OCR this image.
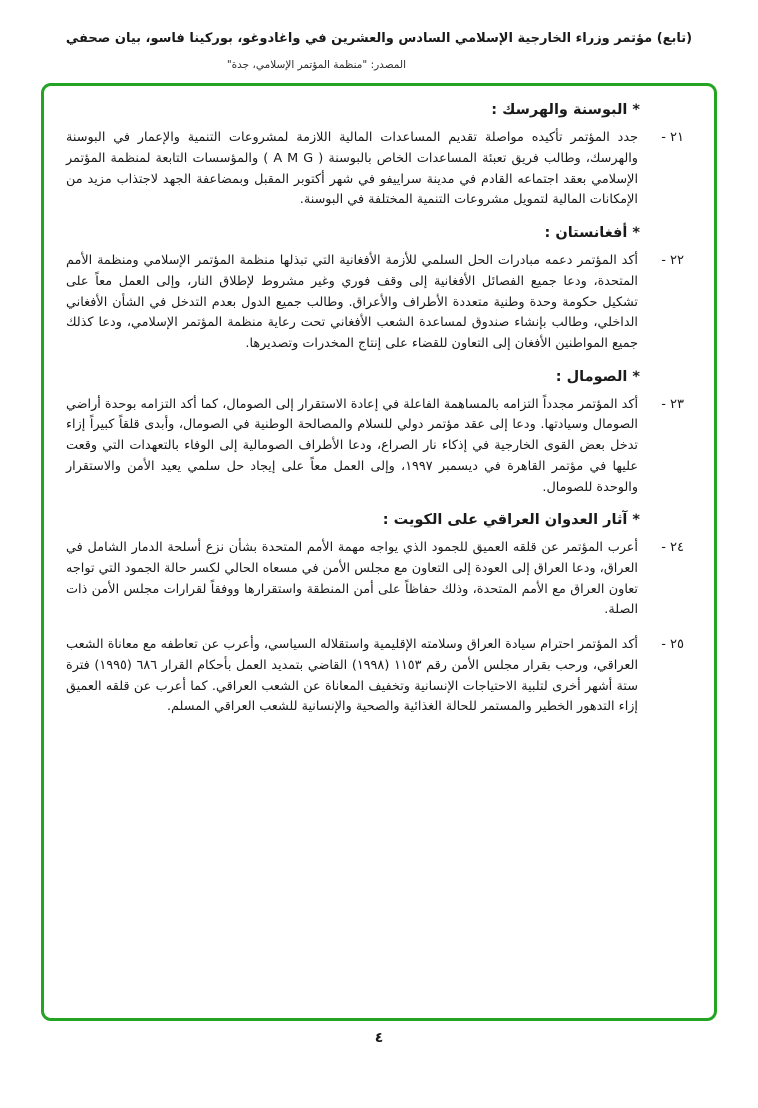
(تابع) مؤتمر وزراء الخارجية الإسلامي السادس والعشرين في واغادوغو، بوركينا فاسو، بيان صحفي
المصدر: "منظمة المؤتمر الإسلامي، جدة"
* البوسنة والهرسك :
٢١ -

جدد المؤتمر تأكيده مواصلة تقديم المساعدات المالية اللازمة لمشروعات التنمية والإعمار في البوسنة والهرسك، وطالب فريق تعبئة المساعدات الخاص بالبوسنة ( A M G ) والمؤسسات التابعة لمنظمة المؤتمر الإسلامي بعقد اجتماعه القادم في مدينة سراييفو في شهر أكتوبر المقبل وبمضاعفة الجهد لاجتذاب مزيد من الإمكانات المالية لتمويل مشروعات التنمية المختلفة في البوسنة.

* أفغانستان :
٢٢ -

أكد المؤتمر دعمه مبادرات الحل السلمي للأزمة الأفغانية التي تبذلها منظمة المؤتمر الإسلامي ومنظمة الأمم المتحدة، ودعا جميع الفصائل الأفغانية إلى وقف فوري وغير مشروط لإطلاق النار، وإلى العمل معاً على تشكيل حكومة وحدة وطنية متعددة الأطراف والأعراق. وطالب جميع الدول بعدم التدخل في الشأن الأفغاني الداخلي، وطالب بإنشاء صندوق لمساعدة الشعب الأفغاني تحت رعاية منظمة المؤتمر الإسلامي، ودعا كذلك جميع المواطنين الأفغان إلى التعاون للقضاء على إنتاج المخدرات وتصديرها.

* الصومال :
٢٣ -

أكد المؤتمر مجدداً التزامه بالمساهمة الفاعلة في إعادة الاستقرار إلى الصومال، كما أكد التزامه بوحدة أراضي الصومال وسيادتها. ودعا إلى عقد مؤتمر دولي للسلام والمصالحة الوطنية في الصومال، وأبدى قلقاً كبيراً إزاء تدخل بعض القوى الخارجية في إذكاء نار الصراع، ودعا الأطراف الصومالية إلى الوفاء بالتعهدات التي وقعت عليها في مؤتمر القاهرة في ديسمبر ١٩٩٧، وإلى العمل معاً على إيجاد حل سلمي يعيد الأمن والاستقرار والوحدة للصومال.

* آثار العدوان العراقي على الكويت :
٢٤ -

أعرب المؤتمر عن قلقه العميق للجمود الذي يواجه مهمة الأمم المتحدة بشأن نزع أسلحة الدمار الشامل في العراق، ودعا العراق إلى العودة إلى التعاون مع مجلس الأمن في مسعاه الحالي لكسر حالة الجمود التي تواجه تعاون العراق مع الأمم المتحدة، وذلك حفاظاً على أمن المنطقة واستقرارها ووفقاً لقرارات مجلس الأمن ذات الصلة.

٢٥ -

أكد المؤتمر احترام سيادة العراق وسلامته الإقليمية واستقلاله السياسي، وأعرب عن تعاطفه مع معاناة الشعب العراقي، ورحب بقرار مجلس الأمن رقم ١١٥٣ (١٩٩٨) القاضي بتمديد العمل بأحكام القرار ٦٨٦ (١٩٩٥) فترة ستة أشهر أخرى لتلبية الاحتياجات الإنسانية وتخفيف المعاناة عن الشعب العراقي. كما أعرب عن قلقه العميق إزاء التدهور الخطير والمستمر للحالة الغذائية والصحية والإنسانية للشعب العراقي المسلم.

٤
